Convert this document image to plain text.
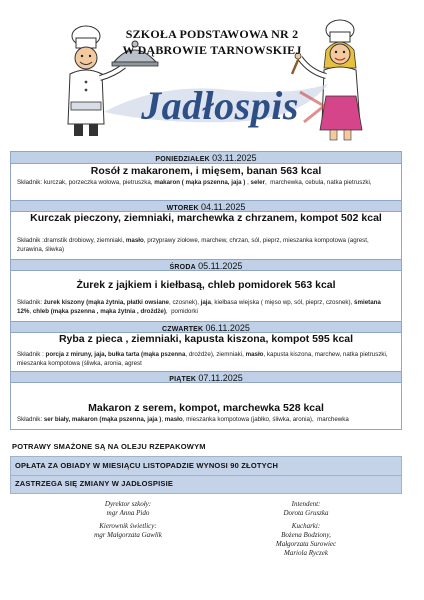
SZKOŁA PODSTAWOWA NR 2
W DĄBROWIE TARNOWSKIEJ
Jadłospis
PONIEDZIAŁEK 03.11.2025
Rosół z makaronem, i mięsem, banan 563 kcal
Składnik: kurczak, porzeczka wołowa, pietruszka, makaron ( mąka pszenna, jaja ) , seler,  marchewka, cebula, natka pietruszki,
WTOREK 04.11.2025
Kurczak pieczony, ziemniaki, marchewka z chrzanem, kompot 502 kcal
Składnik :dramstik drobiowy, ziemniaki, masło, przyprawy ziołowe, marchew, chrzan, sól, pieprz, mieszanka kompotowa (agrest, żurawina, śliwka)
ŚRODA 05.11.2025
Żurek z jajkiem i kiełbasą, chleb pomidorek 563 kcal
Składnik: żurek kiszony (mąka żytnia, płatki owsiane, czosnek), jaja, kiełbasa wiejska ( mięso wp, sól, pieprz, czosnek), śmietana 12%, chleb (mąka pszenna , mąka żytnia , drożdże),  pomidorki
CZWARTEK 06.11.2025
Ryba z pieca , ziemniaki, kapusta kiszona, kompot 595 kcal
Składnik : porcja z miruny, jaja, bułka tarta (mąka pszenna, drożdże), ziemniaki, masło, kapusta kiszona, marchew, natka pietruszki, mieszanka kompotowa (śliwka, aronia, agrest
PIĄTEK 07.11.2025
Makaron z serem, kompot, marchewka 528 kcal
Składnik: ser biały, makaron (mąka pszenna, jaja ), masło, mieszanka kompotowa (jabłko, śliwka, aronia),  marchewka
POTRAWY SMAŻONE SĄ NA OLEJU RZEPAKOWYM
OPŁATA ZA OBIADY W MIESIĄCU LISTOPADZIE WYNOSI 90 ZŁOTYCH
ZASTRZEGA SIĘ ZMIANY W JADŁOSPISIE
Dyrektor szkoły:
mgr Anna Pido
Intendent:
Dorota Gruszka
Kierownik świetlicy:
mgr Małgorzata Gawlik
Kucharki:
Bożena Bodziony,
Małgorzata Surowiec
Mariola Ryczek
